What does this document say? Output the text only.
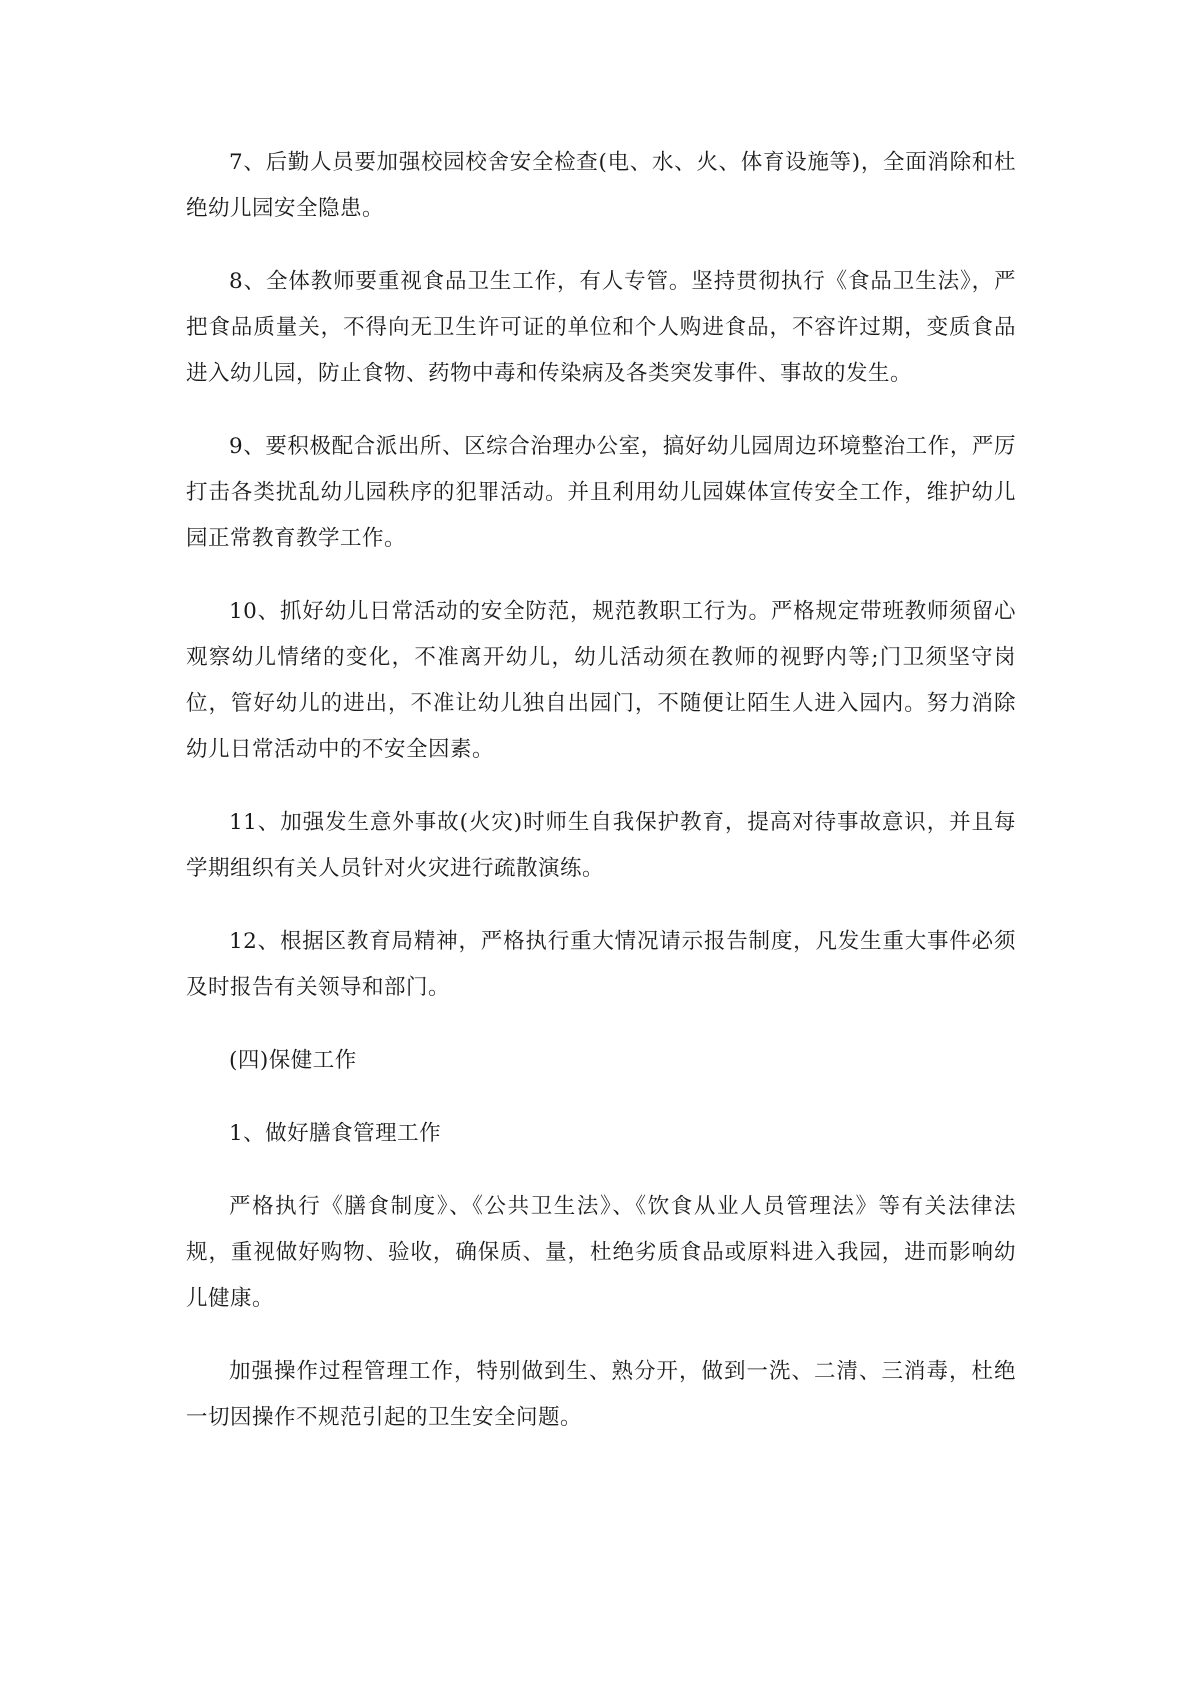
7、后勤人员要加强校园校舍安全检查(电、水、火、体育设施等)，全面消除和杜绝幼儿园安全隐患。

8、全体教师要重视食品卫生工作，有人专管。坚持贯彻执行《食品卫生法》，严把食品质量关，不得向无卫生许可证的单位和个人购进食品，不容许过期，变质食品进入幼儿园，防止食物、药物中毒和传染病及各类突发事件、事故的发生。

9、要积极配合派出所、区综合治理办公室，搞好幼儿园周边环境整治工作，严厉打击各类扰乱幼儿园秩序的犯罪活动。并且利用幼儿园媒体宣传安全工作，维护幼儿园正常教育教学工作。

10、抓好幼儿日常活动的安全防范，规范教职工行为。严格规定带班教师须留心观察幼儿情绪的变化，不准离开幼儿，幼儿活动须在教师的视野内等;门卫须坚守岗位，管好幼儿的进出，不准让幼儿独自出园门，不随便让陌生人进入园内。努力消除幼儿日常活动中的不安全因素。

11、加强发生意外事故(火灾)时师生自我保护教育，提高对待事故意识，并且每学期组织有关人员针对火灾进行疏散演练。

12、根据区教育局精神，严格执行重大情况请示报告制度，凡发生重大事件必须及时报告有关领导和部门。

(四)保健工作

1、做好膳食管理工作

严格执行《膳食制度》、《公共卫生法》、《饮食从业人员管理法》等有关法律法规，重视做好购物、验收，确保质、量，杜绝劣质食品或原料进入我园，进而影响幼儿健康。

加强操作过程管理工作，特别做到生、熟分开，做到一洗、二清、三消毒，杜绝一切因操作不规范引起的卫生安全问题。
